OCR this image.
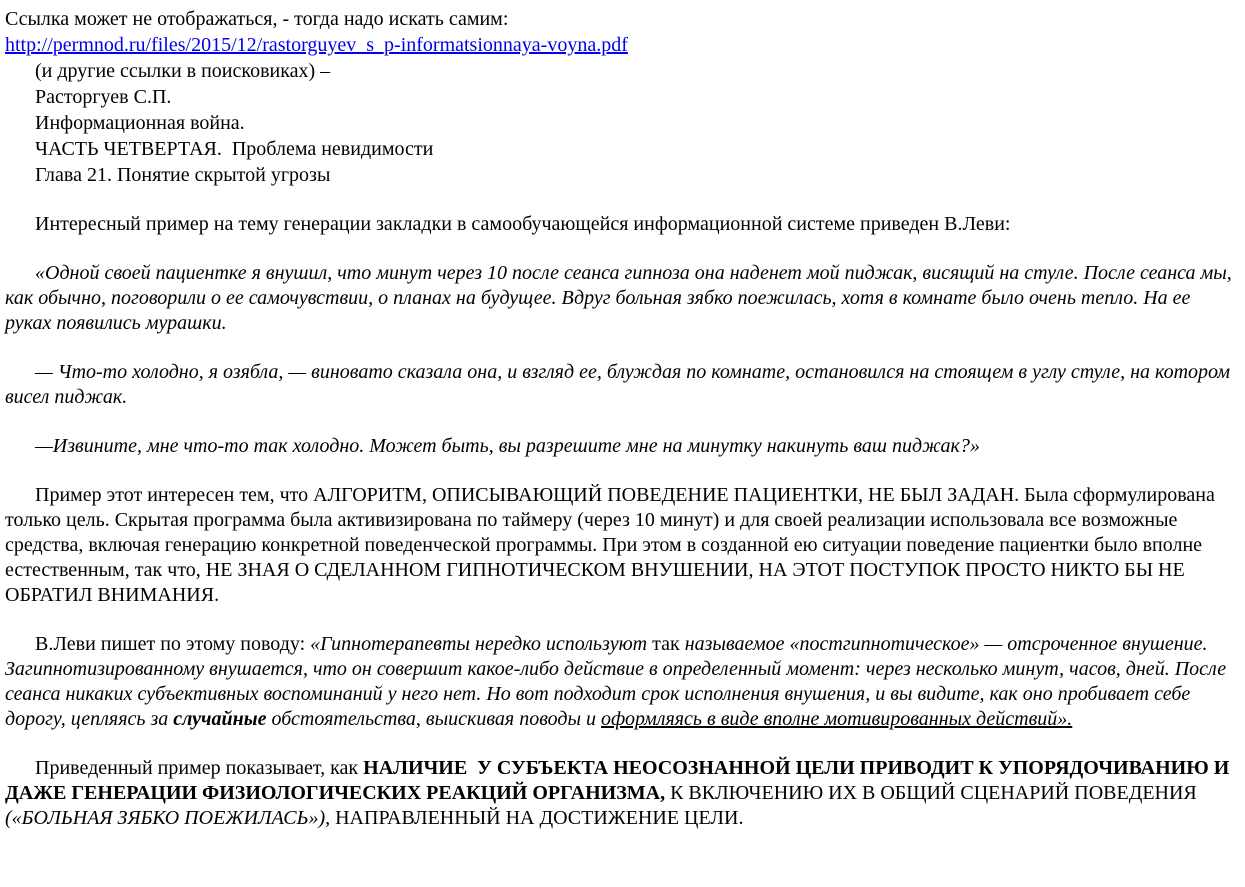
Ссылка может не отображаться, - тогда надо искать самим:

http://permnod.ru/files/2015/12/rastorguyev_s_p-informatsionnaya-voyna.pdf

(и другие ссылки в поисковиках) –

Расторгуев С.П.

Информационная война.

ЧАСТЬ ЧЕТВЕРТАЯ.  Проблема невидимости

Глава 21. Понятие скрытой угрозы

Интересный пример на тему генерации закладки в самообучающейся информационной системе приведен В.Леви:

«Одной своей пациентке я внушил, что минут через 10 после сеанса гипноза она наденет мой пиджак, висящий на стуле. После сеанса мы, как обычно, поговорили о ее самочувствии, о планах на будущее. Вдруг больная зябко поежилась, хотя в комнате было очень тепло. На ее руках появились мурашки.

— Что-то холодно, я озябла, — виновато сказала она, и взгляд ее, блуждая по комнате, остановился на стоящем в углу стуле, на котором висел пиджак.

—Извините, мне что-то так холодно. Может быть, вы разрешите мне на минутку накинуть ваш пиджак?»

Пример этот интересен тем, что АЛГОРИТМ, ОПИСЫВАЮЩИЙ ПОВЕДЕНИЕ ПАЦИЕНТКИ, НЕ БЫЛ ЗАДАН. Была сформулирована только цель. Скрытая программа была активизирована по таймеру (через 10 минут) и для своей реализации использовала все возможные средства, включая генерацию конкретной поведенческой программы. При этом в созданной ею ситуации поведение пациентки было вполне естественным, так что, НЕ ЗНАЯ О СДЕЛАННОМ ГИПНОТИЧЕСКОМ ВНУШЕНИИ, НА ЭТОТ ПОСТУПОК ПРОСТО НИКТО БЫ НЕ ОБРАТИЛ ВНИМАНИЯ.

В.Леви пишет по этому поводу: «Гипнотерапевты нередко используют так называемое «постгипнотическое» — отсроченное внушение. Загипнотизированному внушается, что он совершит какое-либо действие в определенный момент: через несколько минут, часов, дней. После сеанса никаких субъективных воспоминаний у него нет. Но вот подходит срок исполнения внушения, и вы видите, как оно пробивает себе дорогу, цепляясь за случайные обстоятельства, выискивая поводы и оформляясь в виде вполне мотивированных действий».

Приведенный пример показывает, как НАЛИЧИЕ  У СУБЪЕКТА НЕОСОЗНАННОЙ ЦЕЛИ ПРИВОДИТ К УПОРЯДОЧИВАНИЮ И ДАЖЕ ГЕНЕРАЦИИ ФИЗИОЛОГИЧЕСКИХ РЕАКЦИЙ ОРГАНИЗМА, К ВКЛЮЧЕНИЮ ИХ В ОБЩИЙ СЦЕНАРИЙ ПОВЕДЕНИЯ («БОЛЬНАЯ ЗЯБКО ПОЕЖИЛАСЬ»), НАПРАВЛЕННЫЙ НА ДОСТИЖЕНИЕ ЦЕЛИ.
